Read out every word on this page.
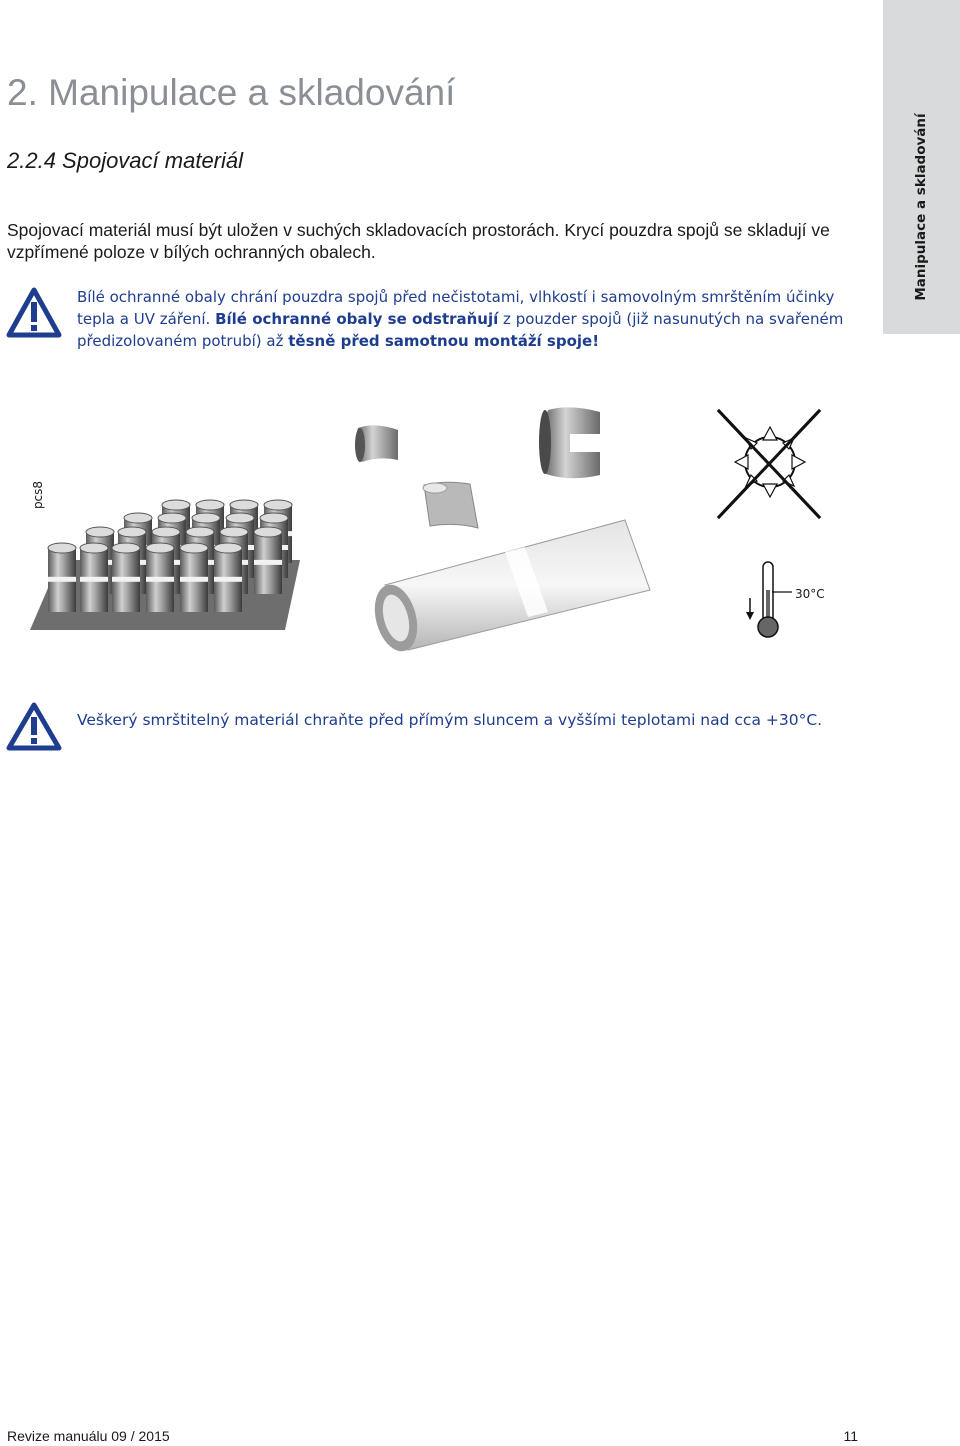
Manipulace a skladování
2. Manipulace a skladování
2.2.4 Spojovací materiál

Spojovací materiál musí být uložen v suchých skladovacích prostorách. Krycí pouzdra spojů se skladují ve vzpřímené poloze v bílých ochranných obalech.

Bílé ochranné obaly chrání pouzdra spojů před nečistotami, vlhkostí i samovolným smrštěním účinky tepla a UV záření. Bílé ochranné obaly se odstraňují z pouzder spojů (již nasunutých na svařeném předizolovaném potrubí) až těsně před samotnou montáží spoje!

pcs8
30°C

Veškerý smrštitelný materiál chraňte před přímým sluncem a vyššími teplotami nad cca +30°C.

Revize manuálu 09 / 2015	11
